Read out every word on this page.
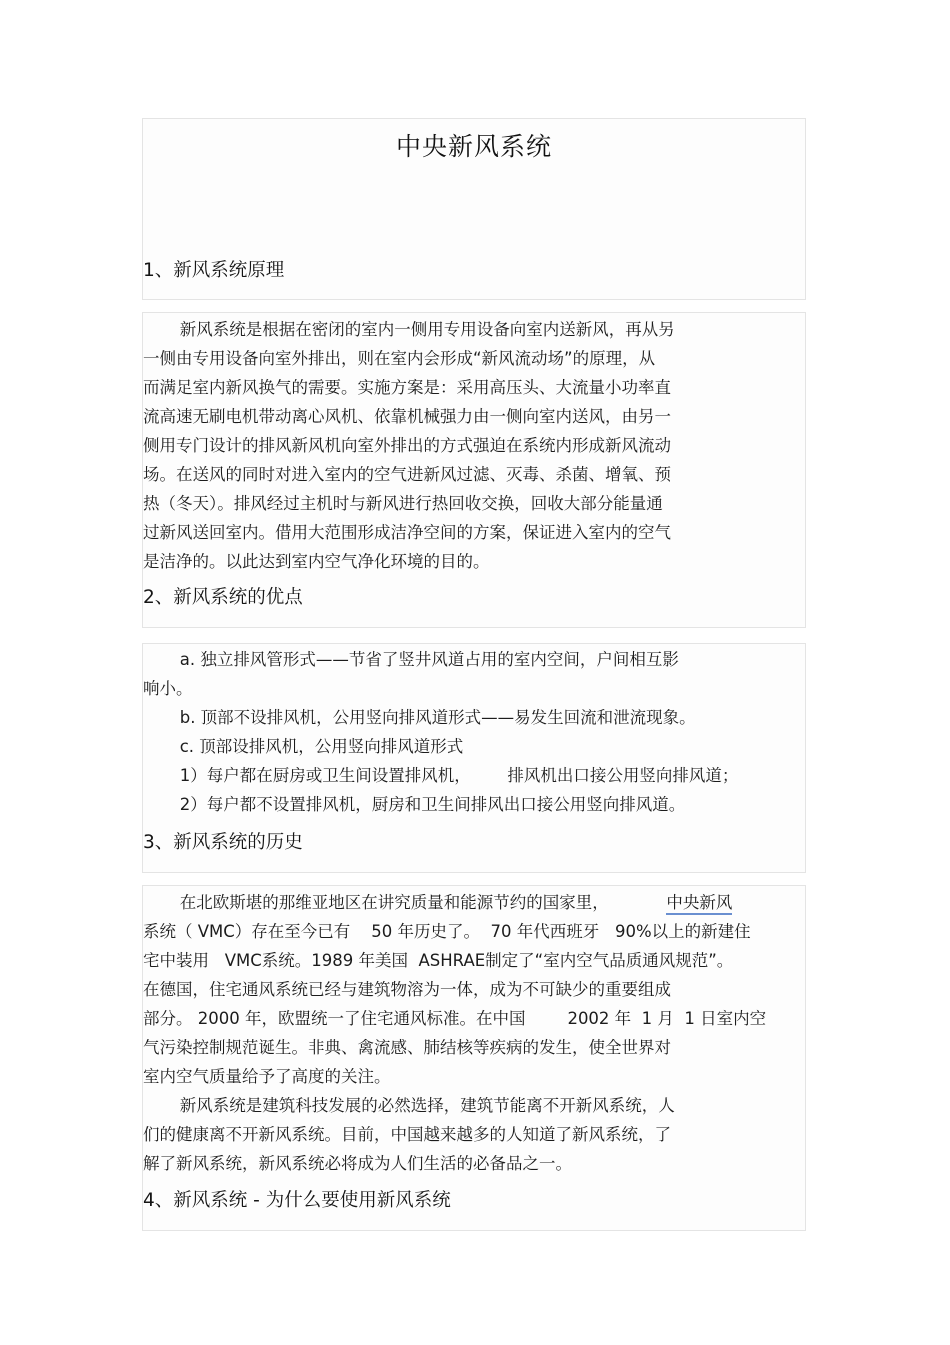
中央新风系统
1、新风系统原理
新风系统是根据在密闭的室内一侧用专用设备向室内送新风，再从另
一侧由专用设备向室外排出，则在室内会形成“新风流动场”的原理，从
而满足室内新风换气的需要。实施方案是：采用高压头、大流量小功率直
流高速无刷电机带动离心风机、依靠机械强力由一侧向室内送风，由另一
侧用专门设计的排风新风机向室外排出的方式强迫在系统内形成新风流动
场。在送风的同时对进入室内的空气进新风过滤、灭毒、杀菌、增氧、预
热（冬天）。排风经过主机时与新风进行热回收交换，回收大部分能量通
过新风送回室内。借用大范围形成洁净空间的方案，保证进入室内的空气
是洁净的。以此达到室内空气净化环境的目的。
2、新风系统的优点
a. 独立排风管形式——节省了竖井风道占用的室内空间，户间相互影
响小。
b. 顶部不设排风机，公用竖向排风道形式——易发生回流和泄流现象。
c. 顶部设排风机，公用竖向排风道形式
1）每户都在厨房或卫生间设置排风机，       排风机出口接公用竖向排风道；
2）每户都不设置排风机，厨房和卫生间排风出口接公用竖向排风道。
3、新风系统的历史
在北欧斯堪的那维亚地区在讲究质量和能源节约的国家里，           中央新风
系统（ VMC）存在至今已有    50 年历史了。  70 年代西班牙   90%以上的新建住
宅中装用   VMC系统。1989 年美国  ASHRAE制定了“室内空气品质通风规范”。
在德国，住宅通风系统已经与建筑物溶为一体，成为不可缺少的重要组成
部分。 2000 年，欧盟统一了住宅通风标准。在中国        2002 年  1 月  1 日室内空
气污染控制规范诞生。非典、禽流感、肺结核等疾病的发生，使全世界对
室内空气质量给予了高度的关注。
新风系统是建筑科技发展的必然选择，建筑节能离不开新风系统，人
们的健康离不开新风系统。目前，中国越来越多的人知道了新风系统，了
解了新风系统，新风系统必将成为人们生活的必备品之一。
4、新风系统 - 为什么要使用新风系统
